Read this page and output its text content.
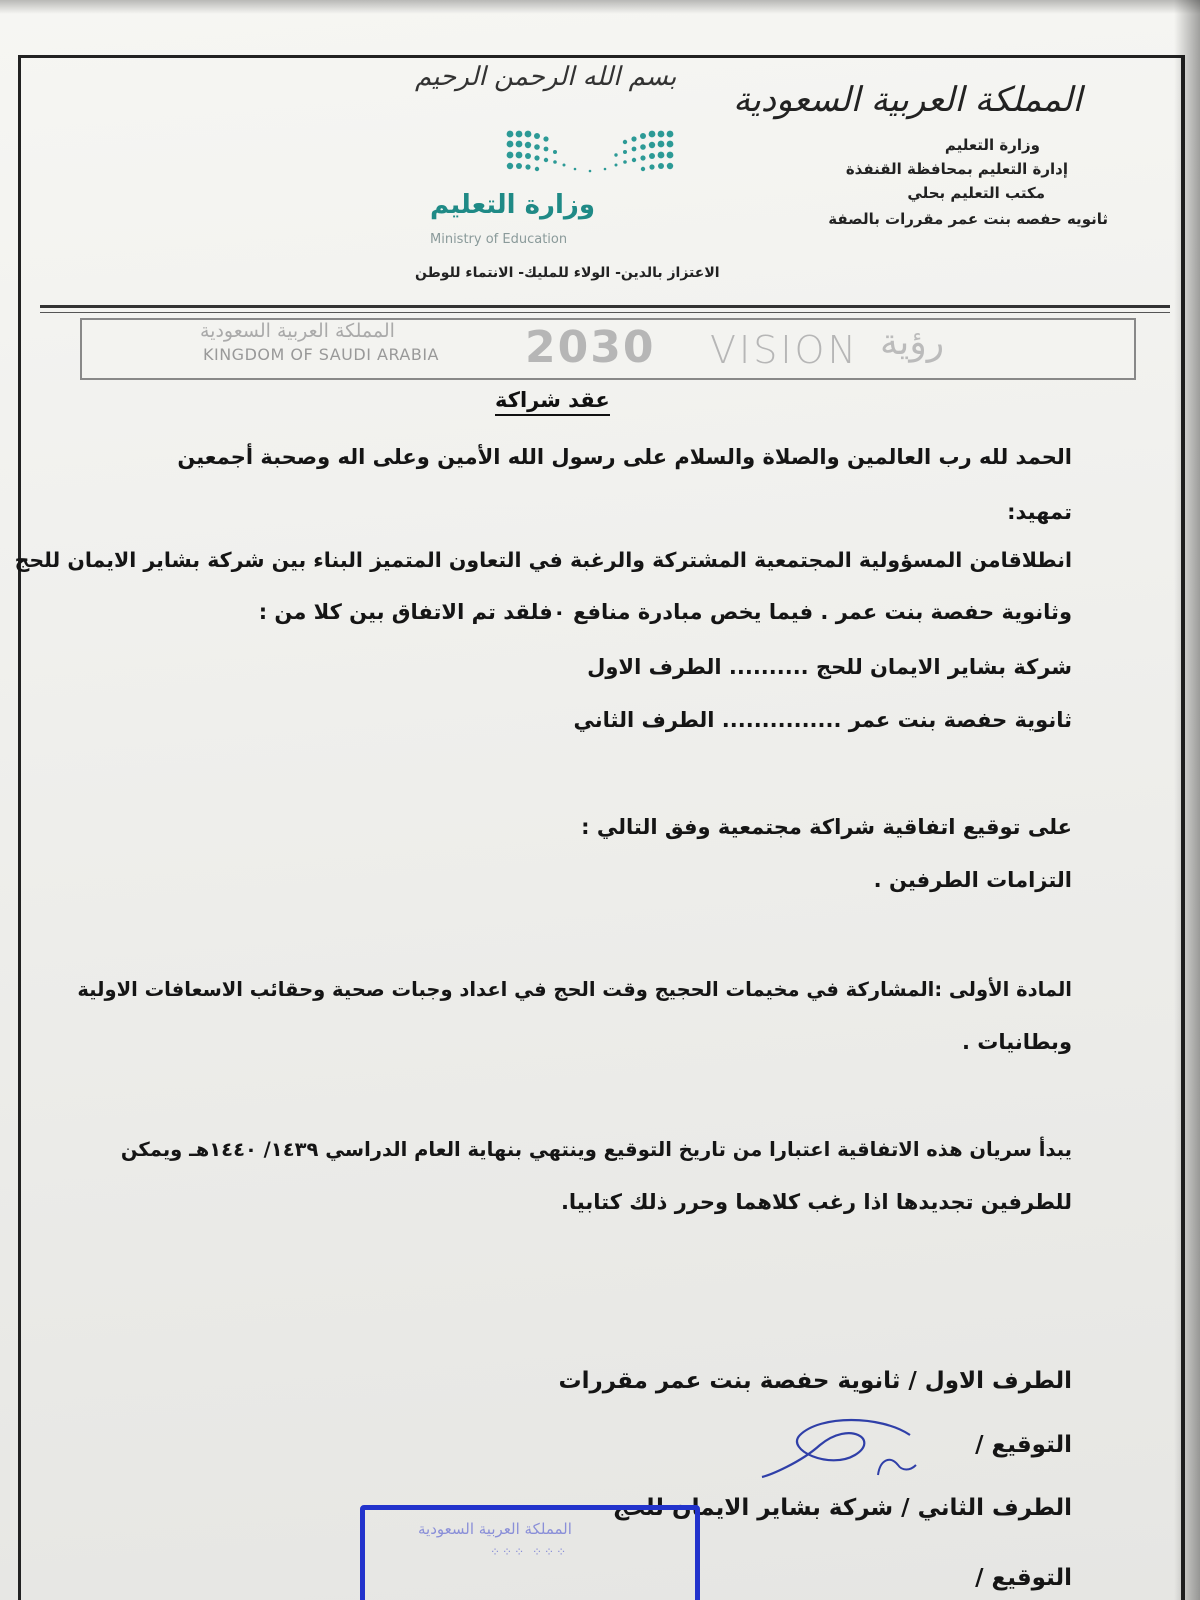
بسم الله الرحمن الرحيم
المملكة العربية السعودية
وزارة التعليم
إدارة التعليم بمحافظة القنفذة
مكتب التعليم بحلي
ثانويه حفصه بنت عمر مقررات بالصفة
وزارة التعليم
Ministry of Education
الاعتزاز بالدين- الولاء للمليك- الانتماء للوطن
المملكة العربية السعودية
KINGDOM OF SAUDI ARABIA 2030 VISION رؤية
عقد شراكة
الحمد لله رب العالمين والصلاة والسلام على رسول الله الأمين وعلى اله وصحبة أجمعين
تمهيد:
انطلاقامن المسؤولية المجتمعية المشتركة والرغبة في التعاون المتميز البناء بين شركة بشاير الايمان للحج
وثانوية حفصة بنت عمر . فيما يخص مبادرة منافع ٠فلقد تم الاتفاق بين كلا من :
شركة بشاير الايمان للحج .......... الطرف الاول
ثانوية حفصة بنت عمر ............... الطرف الثاني
على توقيع اتفاقية شراكة مجتمعية وفق التالي :
التزامات الطرفين .
المادة الأولى :المشاركة في مخيمات الحجيج وقت الحج في اعداد وجبات صحية وحقائب الاسعافات الاولية
وبطانيات .
يبدأ سريان هذه الاتفاقية اعتبارا من تاريخ التوقيع وينتهي بنهاية العام الدراسي ١٤٣٩/ ١٤٤٠هـ ويمكن
للطرفين تجديدها اذا رغب كلاهما وحرر ذلك كتابيا.
الطرف الاول / ثانوية حفصة بنت عمر مقررات
التوقيع /
الطرف الثاني / شركة بشاير الايمان للحج
التوقيع /
المملكة العربية السعودية
⁘⁘⁘ ⁘⁘⁘
